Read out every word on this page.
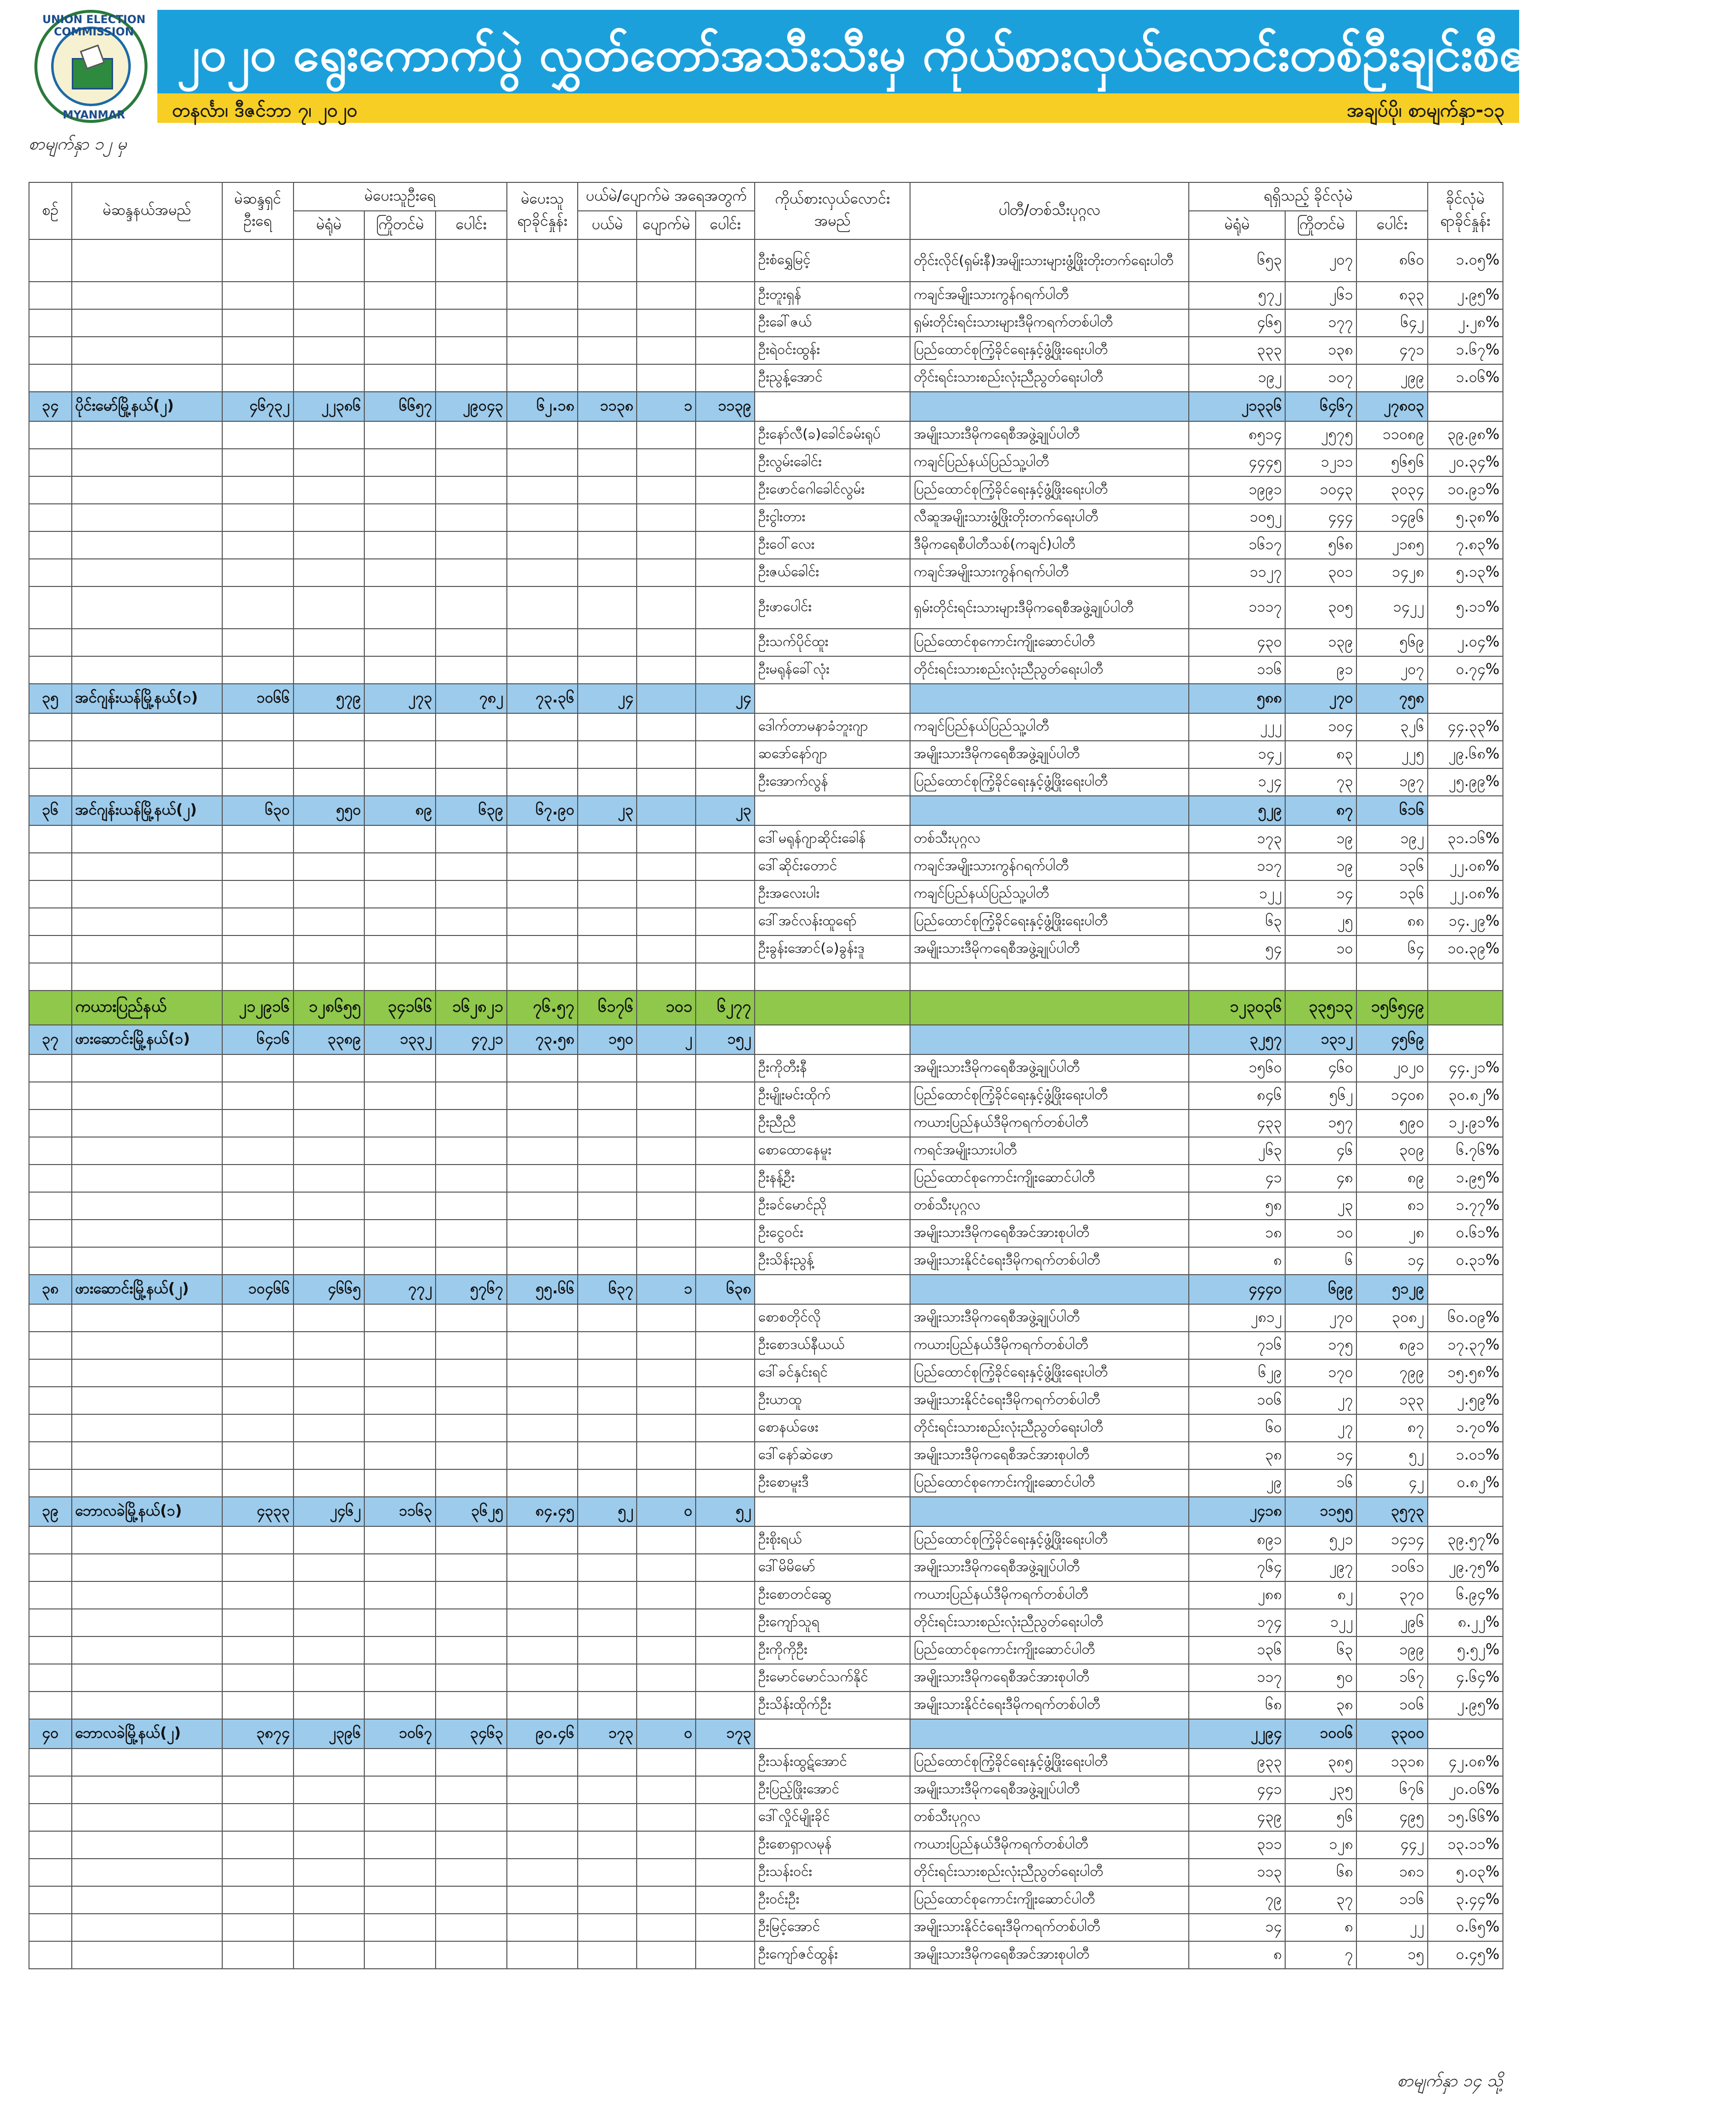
UNION ELECTION COMMISSION
MYANMAR
၂၀၂၀ ရွေးကောက်ပွဲ လွှတ်တော်အသီးသီးမှ ကိုယ်စားလှယ်လောင်းတစ်ဦးချင်းစီ၏ ဆန္ဒမဲရရှိမှု
တနင်္လာ၊ ဒီဇင်ဘာ ၇၊ ၂၀၂၀	အချပ်ပို၊ စာမျက်နှာ-၁၃
စာမျက်နှာ ၁၂ မှ
စာမျက်နှာ ၁၄ သို့
စဉ်	မဲဆန္ဒနယ်အမည်	မဲဆန္ဒရှင် ဦးရေ	မဲပေးသူဦးရေ			မဲပေးသူ ရာခိုင်နှုန်း	ပယ်မဲ/ပျောက်မဲ အရေအတွက်			ကိုယ်စားလှယ်လောင်း အမည်	ပါတီ/တစ်သီးပုဂ္ဂလ	ရရှိသည့် ခိုင်လုံမဲ			ခိုင်လုံမဲ ရာခိုင်နှုန်း
			မဲရုံမဲ	ကြိုတင်မဲ	ပေါင်း		ပယ်မဲ	ပျောက်မဲ	ပေါင်း			မဲရုံမဲ	ကြိုတင်မဲ	ပေါင်း	
										ဦးစံရွှေမြင့်	တိုင်း‌လိုင်(ရှမ်းနီ)အမျိုးသားများဖွံ့ဖြိုးတိုးတက်ရေးပါတီ	၆၅၃	၂၀၇	၈၆၀	၁.၀၅%
										ဦးတူးရှန်	ကချင်အမျိုးသားကွန်ဂရက်ပါတီ	၅၇၂	၂၆၁	၈၃၃	၂.၉၅%
										ဦးခေါ်ဇယ်	ရှမ်းတိုင်းရင်းသားများဒီမိုကရက်တစ်ပါတီ	၄၆၅	၁၇၇	၆၄၂	၂.၂၈%
										ဦးရဲဝင်းထွန်း	ပြည်ထောင်စုကြံ့ခိုင်ရေးနှင့်ဖွံ့ဖြိုးရေးပါတီ	၃၃၃	၁၃၈	၄၇၁	၁.၆၇%
										ဦးညွန့်အောင်	တိုင်းရင်းသားစည်းလုံးညီညွတ်ရေးပါတီ	၁၉၂	၁၀၇	၂၉၉	၁.၀၆%
၃၄	ပိုင်းမော်မြို့နယ်(၂)	၄၆၇၃၂	၂၂၃၈၆	၆၆၅၇	၂၉၀၄၃	၆၂.၁၈	၁၁၃၈	၁	၁၁၃၉			၂၁၃၃၆	၆၄၆၇	၂၇၈၀၃	
										ဦးနော်လီ(ခ)ခေါင်ခမ်းရုပ်	အမျိုးသားဒီမိုကရေစီအဖွဲ့ချုပ်ပါတီ	၈၅၁၄	၂၅၇၅	၁၁၀၈၉	၃၉.၉၈%
										ဦးလွမ်းခေါင်း	ကချင်ပြည်နယ်ပြည်သူ့ပါတီ	၄၄၄၅	၁၂၁၁	၅၆၅၆	၂၀.၃၄%
										ဦးဖောင်ဂေါခေါင်လွမ်း	ပြည်ထောင်စုကြံ့ခိုင်ရေးနှင့်ဖွံ့ဖြိုးရေးပါတီ	၁၉၉၁	၁၀၄၃	၃၀၃၄	၁၀.၉၁%
										ဦးငွါးတား	လီဆူအမျိုးသားဖွံ့ဖြိုးတိုးတက်ရေးပါတီ	၁၀၅၂	၄၄၄	၁၄၉၆	၅.၃၈%
										ဦးဝေါ်လေး	ဒီမိုကရေစီပါတီသစ်(ကချင်)ပါတီ	၁၆၁၇	၅၆၈	၂၁၈၅	၇.၈၃%
										ဦးဇယ်ခေါင်း	ကချင်အမျိုးသားကွန်ဂရက်ပါတီ	၁၁၂၇	၃၀၁	၁၄၂၈	၅.၁၃%
										ဦးဖာပေါင်း	ရှမ်းတိုင်းရင်းသားများဒီမိုကရေစီအဖွဲ့ချုပ်ပါတီ	၁၁၁၇	၃၀၅	၁၄၂၂	၅.၁၁%
										ဦးသက်ပိုင်ထူး	ပြည်ထောင်စုကောင်းကျိုးဆောင်ပါတီ	၄၃၀	၁၃၉	၅၆၉	၂.၀၄%
										ဦးမရုန်ခေါ်လုံး	တိုင်းရင်းသားစည်းလုံးညီညွတ်ရေးပါတီ	၁၁၆	၉၁	၂၀၇	၀.၇၄%
၃၅	အင်ဂျန်းယန်မြို့နယ်(၁)	၁၀၆၆	၅၇၉	၂၇၃	၇၈၂	၇၃.၃၆	၂၄		၂၄			၅၈၈	၂၇၀	၇၅၈	
										ဒေါက်တာမနာခံဘူးဂျာ	ကချင်ပြည်နယ်ပြည်သူ့ပါတီ	၂၂၂	၁၀၄	၃၂၆	၄၄.၃၃%
										ဆဒော်နော်ဂျာ	အမျိုးသားဒီမိုကရေစီအဖွဲ့ချုပ်ပါတီ	၁၄၂	၈၃	၂၂၅	၂၉.၆၈%
										ဦးအောက်လွန်	ပြည်ထောင်စုကြံ့ခိုင်ရေးနှင့်ဖွံ့ဖြိုးရေးပါတီ	၁၂၄	၇၃	၁၉၇	၂၅.၉၉%
၃၆	အင်ဂျန်းယန်မြို့နယ်(၂)	၆၃၀	၅၅၀	၈၉	၆၃၉	၆၇.၉၀	၂၃		၂၃			၅၂၉	၈၇	၆၁၆	
										ဒေါ်မရုန်ဂျာဆိုင်းခေါန်	တစ်သီးပုဂ္ဂလ	၁၇၃	၁၉	၁၉၂	၃၁.၁၆%
										ဒေါ်ဆိုင်းတောင်	ကချင်အမျိုးသားကွန်ဂရက်ပါတီ	၁၁၇	၁၉	၁၃၆	၂၂.၀၈%
										ဦးအလေးပါး	ကချင်ပြည်နယ်ပြည်သူ့ပါတီ	၁၂၂	၁၄	၁၃၆	၂၂.၀၈%
										ဒေါ်အင်လန်းထူရော်	ပြည်ထောင်စုကြံ့ခိုင်ရေးနှင့်ဖွံ့ဖြိုးရေးပါတီ	၆၃	၂၅	၈၈	၁၄.၂၉%
										ဦးခွန်းအောင်(ခ)ခွန်းဒူ	အမျိုးသားဒီမိုကရေစီအဖွဲ့ချုပ်ပါတီ	၅၄	၁၀	၆၄	၁၀.၃၉%

	ကယားပြည်နယ်	၂၁၂၉၁၆	၁၂၈၆၅၅	၃၄၁၆၆	၁၆၂၈၂၁	၇၆.၅၇	၆၁၇၆	၁၀၁	၆၂၇၇			၁၂၃၀၃၆	၃၃၅၁၃	၁၅၆၅၄၉	
၃၇	ဖားဆောင်းမြို့နယ်(၁)	၆၄၁၆	၃၃၈၉	၁၃၃၂	၄၇၂၁	၇၃.၅၈	၁၅၀	၂	၁၅၂			၃၂၅၇	၁၃၁၂	၄၅၆၉	
										ဦးကိုတီးနီ	အမျိုးသားဒီမိုကရေစီအဖွဲ့ချုပ်ပါတီ	၁၅၆၀	၄၆၀	၂၀၂၀	၄၄.၂၁%
										ဦးမျိုးမင်းထိုက်	ပြည်ထောင်စုကြံ့ခိုင်ရေးနှင့်ဖွံ့ဖြိုးရေးပါတီ	၈၄၆	၅၆၂	၁၄၀၈	၃၀.၈၂%
										ဦးညီညီ	ကယားပြည်နယ်ဒီမိုကရက်တစ်ပါတီ	၄၃၃	၁၅၇	၅၉၀	၁၂.၉၁%
										စောထောနေမူး	ကရင်အမျိုးသားပါတီ	၂၆၃	၄၆	၃၀၉	၆.၇၆%
										ဦးနန့်ဦး	ပြည်ထောင်စုကောင်းကျိုးဆောင်ပါတီ	၄၁	၄၈	၈၉	၁.၉၅%
										ဦးခင်မောင်ညို	တစ်သီးပုဂ္ဂလ	၅၈	၂၃	၈၁	၁.၇၇%
										ဦးငွေဝင်း	အမျိုးသားဒီမိုကရေစီအင်အားစုပါတီ	၁၈	၁၀	၂၈	၀.၆၁%
										ဦးသိန်းညွန့်	အမျိုးသားနိုင်ငံရေးဒီမိုကရက်တစ်ပါတီ	၈	၆	၁၄	၀.၃၁%
၃၈	ဖားဆောင်းမြို့နယ်(၂)	၁၀၄၆၆	၄၆၆၅	၇၇၂	၅၇၆၇	၅၅.၆၆	၆၃၇	၁	၆၃၈			၄၄၄၀	၆၉၉	၅၁၂၉	
										စောစတိုင်လို	အမျိုးသားဒီမိုကရေစီအဖွဲ့ချုပ်ပါတီ	၂၈၁၂	၂၇၀	၃၀၈၂	၆၀.၀၉%
										ဦးစောဒယ်နီယယ်	ကယားပြည်နယ်ဒီမိုကရက်တစ်ပါတီ	၇၁၆	၁၇၅	၈၉၁	၁၇.၃၇%
										ဒေါ်ခင်နှင်းရင်	ပြည်ထောင်စုကြံ့ခိုင်ရေးနှင့်ဖွံ့ဖြိုးရေးပါတီ	၆၂၉	၁၇၀	၇၉၉	၁၅.၅၈%
										ဦးယာထူ	အမျိုးသားနိုင်ငံရေးဒီမိုကရက်တစ်ပါတီ	၁၀၆	၂၇	၁၃၃	၂.၅၉%
										စောနယ်ဖေး	တိုင်းရင်းသားစည်းလုံးညီညွတ်ရေးပါတီ	၆၀	၂၇	၈၇	၁.၇၀%
										ဒေါ်နော်ဆဲဖော	အမျိုးသားဒီမိုကရေစီအင်အားစုပါတီ	၃၈	၁၄	၅၂	၁.၀၁%
										ဦးစောမူးဒီ	ပြည်ထောင်စုကောင်းကျိုးဆောင်ပါတီ	၂၉	၁၆	၄၂	၀.၈၂%
၃၉	ဘောလခဲမြို့နယ်(၁)	၄၃၃၃	၂၄၆၂	၁၁၆၃	၃၆၂၅	၈၄.၄၅	၅၂	၀	၅၂			၂၄၁၈	၁၁၅၅	၃၅၇၃	
										ဦးစိုးရယ်	ပြည်ထောင်စုကြံ့ခိုင်ရေးနှင့်ဖွံ့ဖြိုးရေးပါတီ	၈၉၁	၅၂၁	၁၄၁၄	၃၉.၅၇%
										ဒေါ်မိမိမော်	အမျိုးသားဒီမိုကရေစီအဖွဲ့ချုပ်ပါတီ	၇၆၄	၂၉၇	၁၀၆၁	၂၉.၇၅%
										ဦးစောတင်ဆွေ	ကယားပြည်နယ်ဒီမိုကရက်တစ်ပါတီ	၂၈၈	၈၂	၃၇၀	၆.၉၄%
										ဦးကျော်သူရ	တိုင်းရင်းသားစည်းလုံးညီညွတ်ရေးပါတီ	၁၇၄	၁၂၂	၂၉၆	၈.၂၂%
										ဦးကိုကိုဦး	ပြည်ထောင်စုကောင်းကျိုးဆောင်ပါတီ	၁၃၆	၆၃	၁၉၉	၅.၅၂%
										ဦးမောင်မောင်သက်နိုင်	အမျိုးသားဒီမိုကရေစီအင်အားစုပါတီ	၁၁၇	၅၀	၁၆၇	၄.၆၄%
										ဦးသိန်းထိုက်ဦး	အမျိုးသားနိုင်ငံရေးဒီမိုကရက်တစ်ပါတီ	၆၈	၃၈	၁၀၆	၂.၉၅%
၄၀	ဘောလခဲမြို့နယ်(၂)	၃၈၇၄	၂၃၉၆	၁၀၆၇	၃၄၆၃	၉၀.၄၆	၁၇၃	၀	၁၇၃			၂၂၉၄	၁၀၀၆	၃၃၀၀	
										ဦးသန်းထွဋ်အောင်	ပြည်ထောင်စုကြံ့ခိုင်ရေးနှင့်ဖွံ့ဖြိုးရေးပါတီ	၉၃၃	၃၈၅	၁၃၁၈	၄၂.၀၈%
										ဦးပြည့်ဖြိုးအောင်	အမျိုးသားဒီမိုကရေစီအဖွဲ့ချုပ်ပါတီ	၄၄၁	၂၃၅	၆၇၆	၂၀.၀၆%
										ဒေါ်လှိုင်မျိုးခိုင်	တစ်သီးပုဂ္ဂလ	၄၃၉	၅၆	၄၉၅	၁၅.၆၆%
										ဦးစောရှာလမုန်	ကယားပြည်နယ်ဒီမိုကရက်တစ်ပါတီ	၃၁၁	၁၂၈	၄၄၂	၁၃.၁၁%
										ဦးသန်းဝင်း	တိုင်းရင်းသားစည်းလုံးညီညွတ်ရေးပါတီ	၁၁၃	၆၈	၁၈၁	၅.၀၃%
										ဦးဝင်းဦး	ပြည်ထောင်စုကောင်းကျိုးဆောင်ပါတီ	၇၉	၃၇	၁၁၆	၃.၄၄%
										ဦးမြင့်အောင်	အမျိုးသားနိုင်ငံရေးဒီမိုကရက်တစ်ပါတီ	၁၄	၈	၂၂	၀.၆၅%
										ဦးကျော်ဇင်ထွန်း	အမျိုးသားဒီမိုကရေစီအင်အားစုပါတီ	၈	၇	၁၅	၀.၄၅%
